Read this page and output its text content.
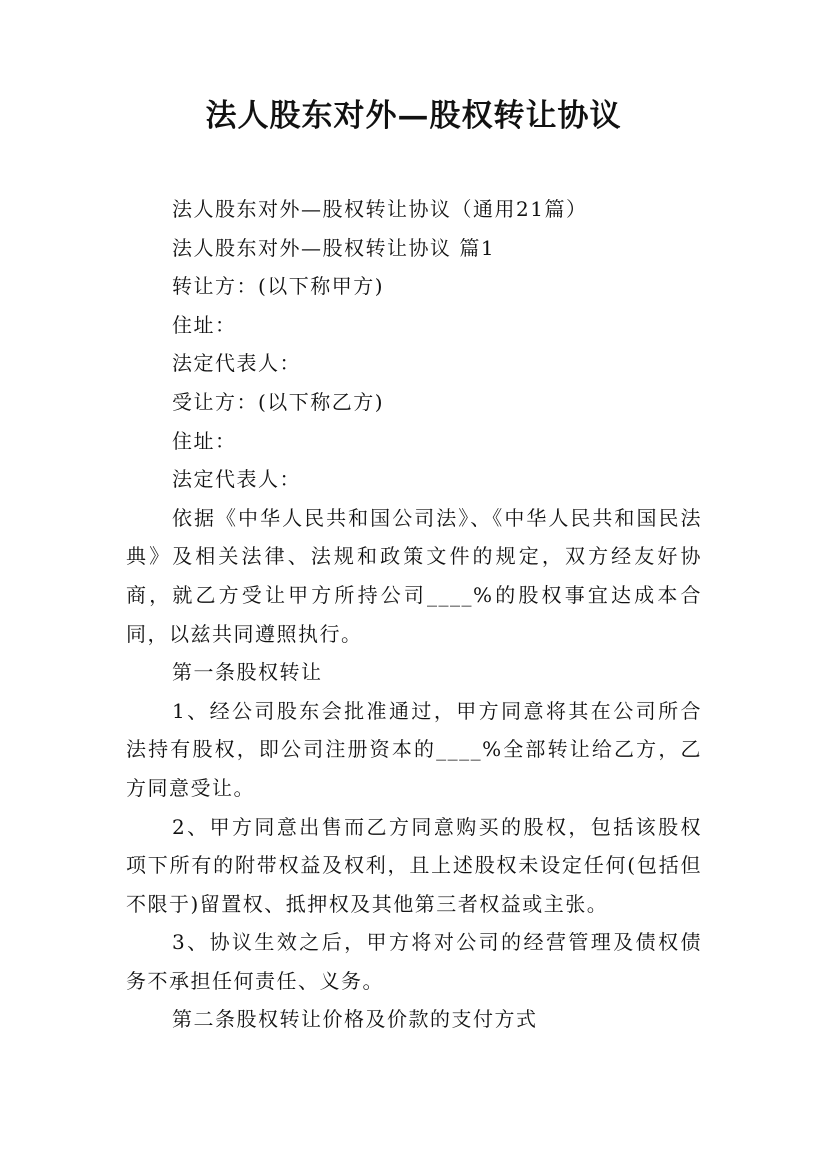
法人股东对外—股权转让协议

法人股东对外—股权转让协议（通用21篇）

法人股东对外—股权转让协议 篇1

转让方：(以下称甲方)

住址：

法定代表人：

受让方：(以下称乙方)

住址：

法定代表人：

依据《中华人民共和国公司法》、《中华人民共和国民法典》及相关法律、法规和政策文件的规定，双方经友好协商，就乙方受让甲方所持公司____%的股权事宜达成本合同，以兹共同遵照执行。

第一条股权转让

1、经公司股东会批准通过，甲方同意将其在公司所合法持有股权，即公司注册资本的____%全部转让给乙方，乙方同意受让。

2、甲方同意出售而乙方同意购买的股权，包括该股权项下所有的附带权益及权利，且上述股权未设定任何(包括但不限于)留置权、抵押权及其他第三者权益或主张。

3、协议生效之后，甲方将对公司的经营管理及债权债务不承担任何责任、义务。

第二条股权转让价格及价款的支付方式
